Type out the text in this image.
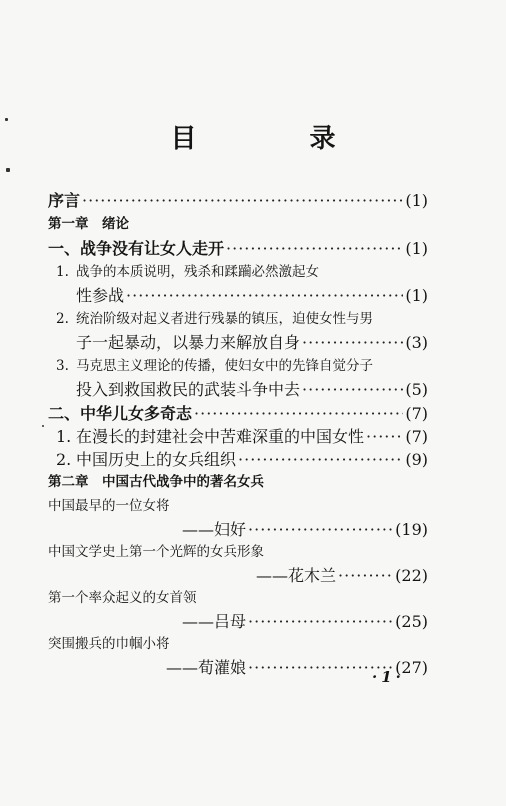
目 录
序言 ·····	(1)
第一章　绪论
一、战争没有让女人走开 ·····	(1)
1. 战争的本质说明，残杀和蹂躏必然激起女
性参战 ·····	(1)
2. 统治阶级对起义者进行残暴的镇压，迫使女性与男
子一起暴动，以暴力来解放自身 ·····	(3)
3. 马克思主义理论的传播，使妇女中的先锋自觉分子
投入到救国救民的武装斗争中去 ·····	(5)
二、中华儿女多奇志 ·····	(7)
1. 在漫长的封建社会中苦难深重的中国女性 ·····	(7)
2. 中国历史上的女兵组织 ·····	(9)
第二章　中国古代战争中的著名女兵
中国最早的一位女将
——妇好 ·····	(19)
中国文学史上第一个光辉的女兵形象
——花木兰 ·····	(22)
第一个率众起义的女首领
——吕母 ·····	(25)
突围搬兵的巾帼小将
——荀灌娘 ·····	(27)
·1·
